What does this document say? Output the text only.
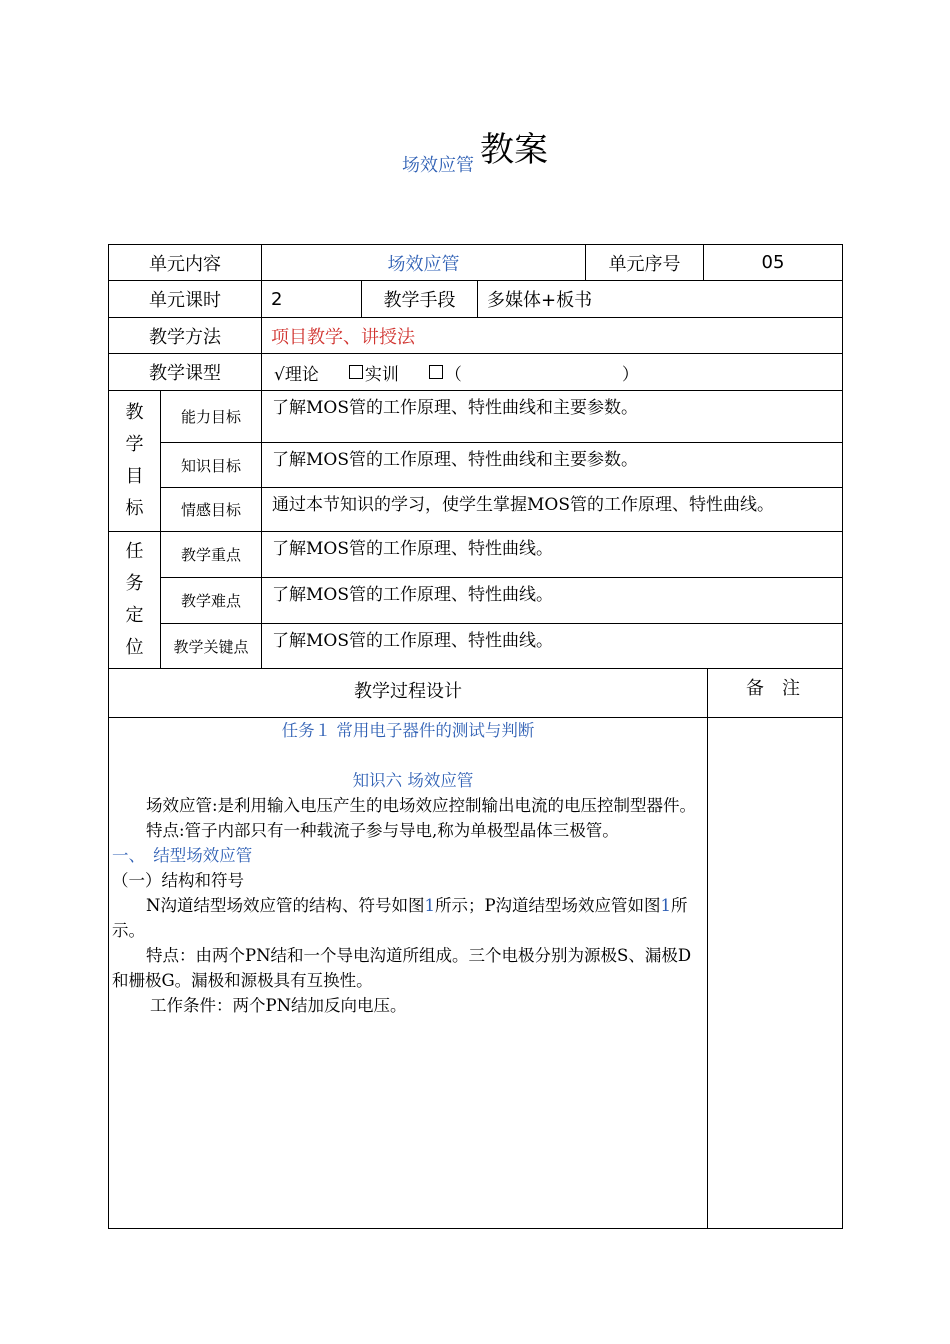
场效应管 教案
单元内容	场效应管	单元序号	05
单元课时	2	教学手段	多媒体+板书
教学方法	项目教学、讲授法
教学课型	√理论	实训	（	）
教
学
目
标
能力目标	了解MOS管的工作原理、特性曲线和主要参数。
知识目标	了解MOS管的工作原理、特性曲线和主要参数。
情感目标	通过本节知识的学习，使学生掌握MOS管的工作原理、特性曲线。
任
务
定
位
教学重点	了解MOS管的工作原理、特性曲线。
教学难点	了解MOS管的工作原理、特性曲线。
教学关键点	了解MOS管的工作原理、特性曲线。
教学过程设计	备　注

任务１ 常用电子器件的测试与判断

知识六 场效应管

场效应管:是利用输入电压产生的电场效应控制输出电流的电压控制型器件。

特点:管子内部只有一种载流子参与导电,称为单极型晶体三极管。

一、　结型场效应管

（一）结构和符号

N沟道结型场效应管的结构、符号如图1所示；P沟道结型场效应管如图1所示。

特点：由两个PN结和一个导电沟道所组成。三个电极分别为源极S、漏极D和栅极G。漏极和源极具有互换性。

工作条件：两个PN结加反向电压。
